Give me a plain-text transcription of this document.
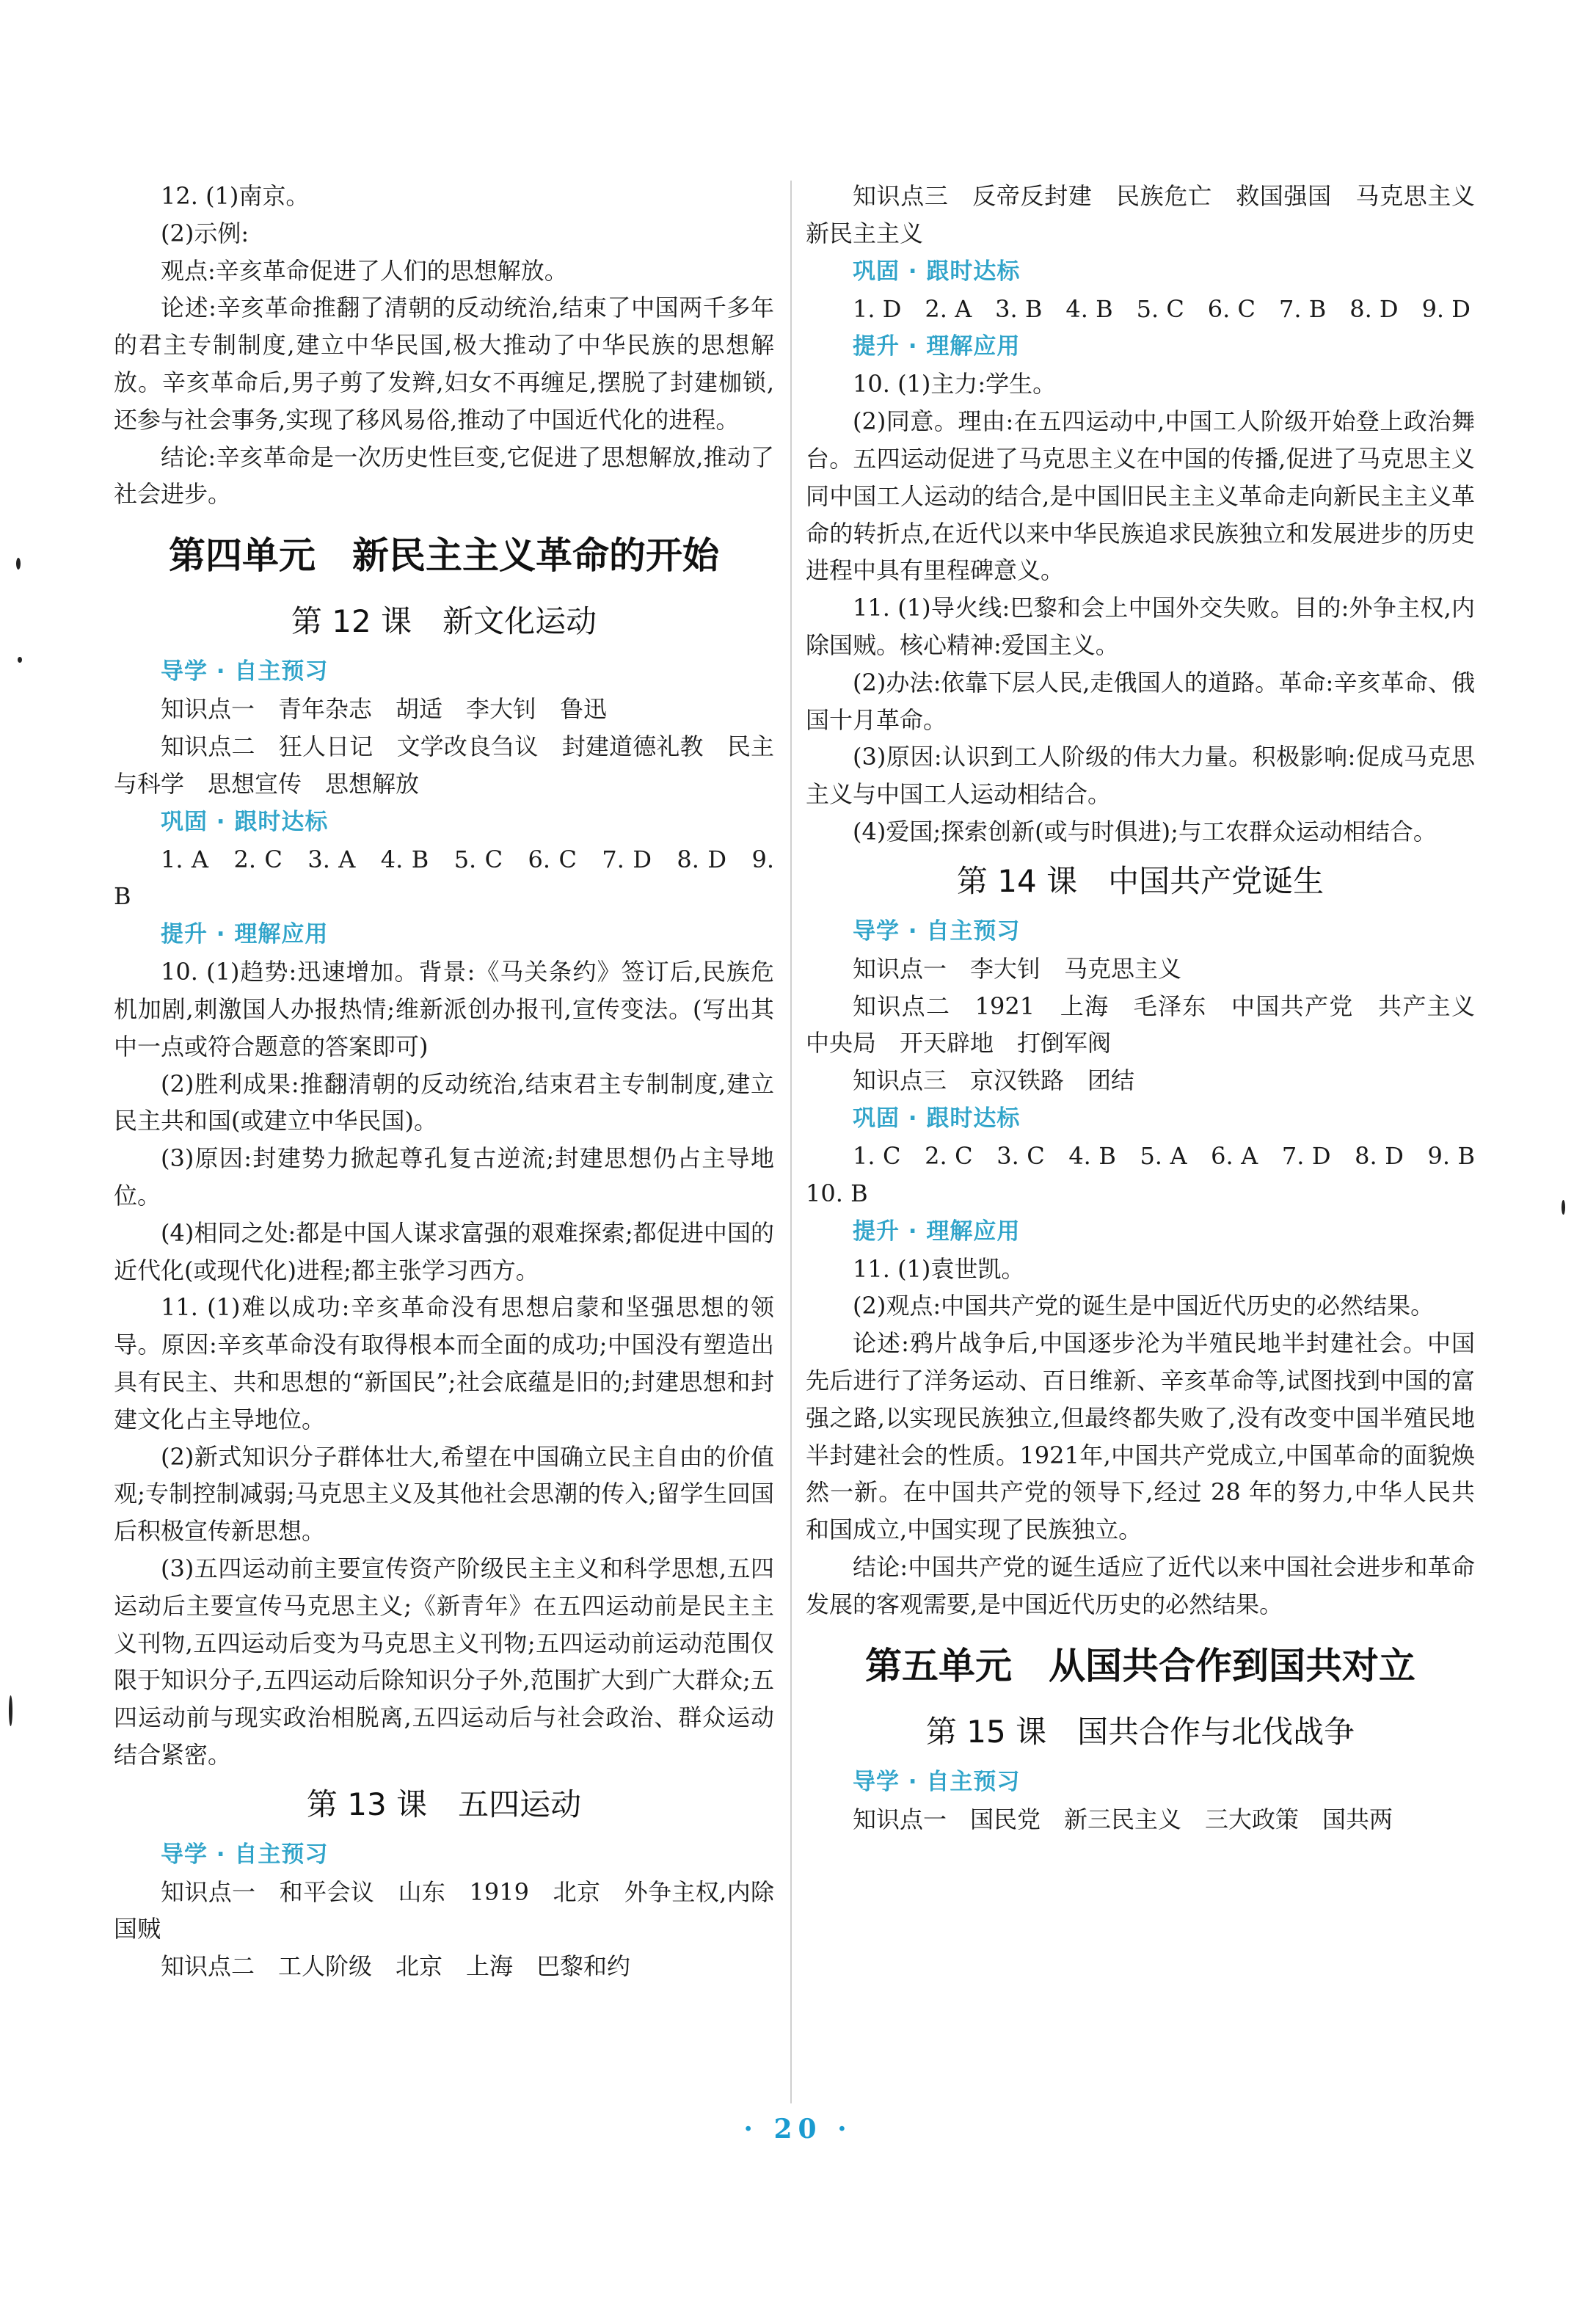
12. (1)南京。
(2)示例:
观点:辛亥革命促进了人们的思想解放。
论述:辛亥革命推翻了清朝的反动统治,结束了中国两千多年的君主专制制度,建立中华民国,极大推动了中华民族的思想解放。辛亥革命后,男子剪了发辫,妇女不再缠足,摆脱了封建枷锁,还参与社会事务,实现了移风易俗,推动了中国近代化的进程。
结论:辛亥革命是一次历史性巨变,它促进了思想解放,推动了社会进步。
第四单元　新民主主义革命的开始
第 12 课　新文化运动
导学 · 自主预习
知识点一　青年杂志　胡适　李大钊　鲁迅
知识点二　狂人日记　文学改良刍议　封建道德礼教　民主与科学　思想宣传　思想解放
巩固 · 跟时达标
1. A　2. C　3. A　4. B　5. C　6. C　7. D　8. D　9. B
提升 · 理解应用
10. (1)趋势:迅速增加。背景:《马关条约》签订后,民族危机加剧,刺激国人办报热情;维新派创办报刊,宣传变法。(写出其中一点或符合题意的答案即可)
(2)胜利成果:推翻清朝的反动统治,结束君主专制制度,建立民主共和国(或建立中华民国)。
(3)原因:封建势力掀起尊孔复古逆流;封建思想仍占主导地位。
(4)相同之处:都是中国人谋求富强的艰难探索;都促进中国的近代化(或现代化)进程;都主张学习西方。
11. (1)难以成功:辛亥革命没有思想启蒙和坚强思想的领导。原因:辛亥革命没有取得根本而全面的成功;中国没有塑造出具有民主、共和思想的“新国民”;社会底蕴是旧的;封建思想和封建文化占主导地位。
(2)新式知识分子群体壮大,希望在中国确立民主自由的价值观;专制控制减弱;马克思主义及其他社会思潮的传入;留学生回国后积极宣传新思想。
(3)五四运动前主要宣传资产阶级民主主义和科学思想,五四运动后主要宣传马克思主义;《新青年》在五四运动前是民主主义刊物,五四运动后变为马克思主义刊物;五四运动前运动范围仅限于知识分子,五四运动后除知识分子外,范围扩大到广大群众;五四运动前与现实政治相脱离,五四运动后与社会政治、群众运动结合紧密。
第 13 课　五四运动
导学 · 自主预习
知识点一　和平会议　山东　1919　北京　外争主权,内除国贼
知识点二　工人阶级　北京　上海　巴黎和约
知识点三　反帝反封建　民族危亡　救国强国　马克思主义　新民主主义
巩固 · 跟时达标
1. D　2. A　3. B　4. B　5. C　6. C　7. B　8. D　9. D
提升 · 理解应用
10. (1)主力:学生。
(2)同意。理由:在五四运动中,中国工人阶级开始登上政治舞台。五四运动促进了马克思主义在中国的传播,促进了马克思主义同中国工人运动的结合,是中国旧民主主义革命走向新民主主义革命的转折点,在近代以来中华民族追求民族独立和发展进步的历史进程中具有里程碑意义。
11. (1)导火线:巴黎和会上中国外交失败。目的:外争主权,内除国贼。核心精神:爱国主义。
(2)办法:依靠下层人民,走俄国人的道路。革命:辛亥革命、俄国十月革命。
(3)原因:认识到工人阶级的伟大力量。积极影响:促成马克思主义与中国工人运动相结合。
(4)爱国;探索创新(或与时俱进);与工农群众运动相结合。
第 14 课　中国共产党诞生
导学 · 自主预习
知识点一　李大钊　马克思主义
知识点二　1921　上海　毛泽东　中国共产党　共产主义　中央局　开天辟地　打倒军阀
知识点三　京汉铁路　团结
巩固 · 跟时达标
1. C　2. C　3. C　4. B　5. A　6. A　7. D　8. D　9. B　10. B
提升 · 理解应用
11. (1)袁世凯。
(2)观点:中国共产党的诞生是中国近代历史的必然结果。
论述:鸦片战争后,中国逐步沦为半殖民地半封建社会。中国先后进行了洋务运动、百日维新、辛亥革命等,试图找到中国的富强之路,以实现民族独立,但最终都失败了,没有改变中国半殖民地半封建社会的性质。1921年,中国共产党成立,中国革命的面貌焕然一新。在中国共产党的领导下,经过 28 年的努力,中华人民共和国成立,中国实现了民族独立。
结论:中国共产党的诞生适应了近代以来中国社会进步和革命发展的客观需要,是中国近代历史的必然结果。
第五单元　从国共合作到国共对立
第 15 课　国共合作与北伐战争
导学 · 自主预习
知识点一　国民党　新三民主义　三大政策　国共两
· 20 ·
